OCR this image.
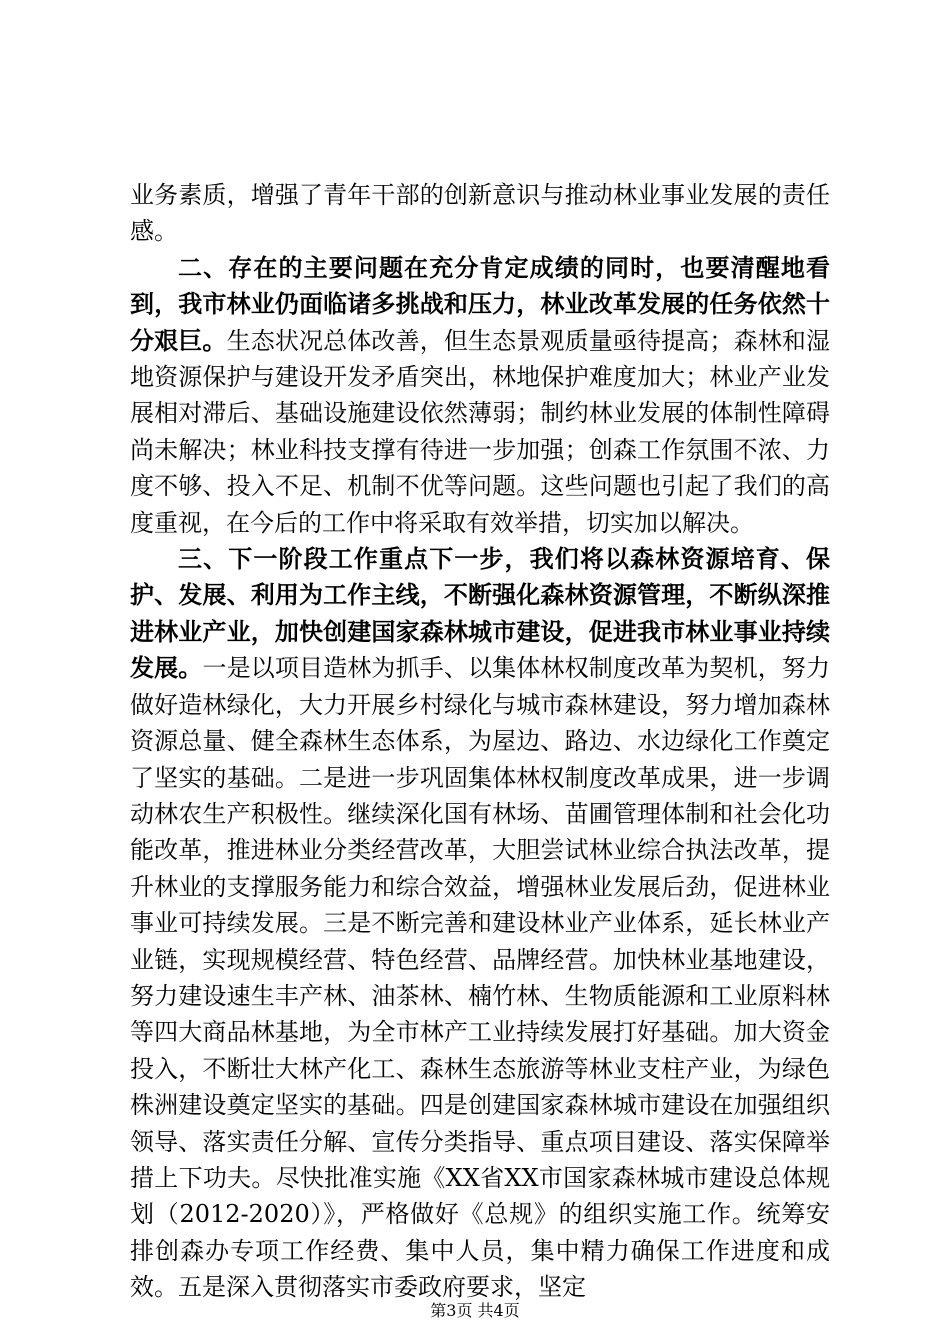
业务素质，增强了青年干部的创新意识与推动林业事业发展的责任感。

二、存在的主要问题在充分肯定成绩的同时，也要清醒地看到，我市林业仍面临诸多挑战和压力，林业改革发展的任务依然十分艰巨。生态状况总体改善，但生态景观质量亟待提高；森林和湿地资源保护与建设开发矛盾突出，林地保护难度加大；林业产业发展相对滞后、基础设施建设依然薄弱；制约林业发展的体制性障碍尚未解决；林业科技支撑有待进一步加强；创森工作氛围不浓、力度不够、投入不足、机制不优等问题。这些问题也引起了我们的高度重视，在今后的工作中将采取有效举措，切实加以解决。

三、下一阶段工作重点下一步，我们将以森林资源培育、保护、发展、利用为工作主线，不断强化森林资源管理，不断纵深推进林业产业，加快创建国家森林城市建设，促进我市林业事业持续发展。一是以项目造林为抓手、以集体林权制度改革为契机，努力做好造林绿化，大力开展乡村绿化与城市森林建设，努力增加森林资源总量、健全森林生态体系，为屋边、路边、水边绿化工作奠定了坚实的基础。二是进一步巩固集体林权制度改革成果，进一步调动林农生产积极性。继续深化国有林场、苗圃管理体制和社会化功能改革，推进林业分类经营改革，大胆尝试林业综合执法改革，提升林业的支撑服务能力和综合效益，增强林业发展后劲，促进林业事业可持续发展。三是不断完善和建设林业产业体系，延长林业产业链，实现规模经营、特色经营、品牌经营。加快林业基地建设，努力建设速生丰产林、油茶林、楠竹林、生物质能源和工业原料林等四大商品林基地，为全市林产工业持续发展打好基础。加大资金投入，不断壮大林产化工、森林生态旅游等林业支柱产业，为绿色株洲建设奠定坚实的基础。四是创建国家森林城市建设在加强组织领导、落实责任分解、宣传分类指导、重点项目建设、落实保障举措上下功夫。尽快批准实施《XX省XX市国家森林城市建设总体规划（2012-2020）》，严格做好《总规》的组织实施工作。统筹安排创森办专项工作经费、集中人员，集中精力确保工作进度和成效。五是深入贯彻落实市委政府要求，坚定

第3页 共4页
